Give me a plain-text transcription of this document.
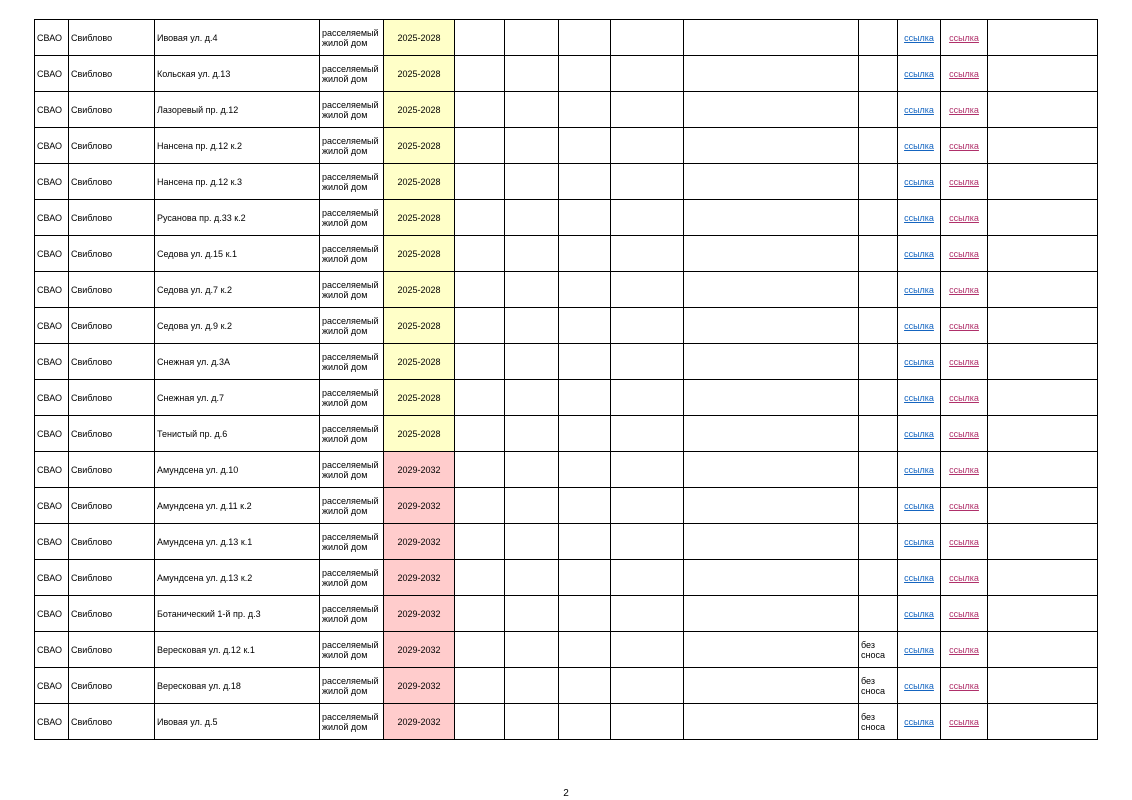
СВАО	Свиблово	Ивовая ул. д.4	расселяемый жилой дом	2025-2028							ссылка	ссылка	
СВАО	Свиблово	Кольская ул. д.13	расселяемый жилой дом	2025-2028							ссылка	ссылка	
СВАО	Свиблово	Лазоревый пр. д.12	расселяемый жилой дом	2025-2028							ссылка	ссылка	
СВАО	Свиблово	Нансена пр. д.12 к.2	расселяемый жилой дом	2025-2028							ссылка	ссылка	
СВАО	Свиблово	Нансена пр. д.12 к.3	расселяемый жилой дом	2025-2028							ссылка	ссылка	
СВАО	Свиблово	Русанова пр. д.33 к.2	расселяемый жилой дом	2025-2028							ссылка	ссылка	
СВАО	Свиблово	Седова ул. д.15 к.1	расселяемый жилой дом	2025-2028							ссылка	ссылка	
СВАО	Свиблово	Седова ул. д.7 к.2	расселяемый жилой дом	2025-2028							ссылка	ссылка	
СВАО	Свиблово	Седова ул. д.9 к.2	расселяемый жилой дом	2025-2028							ссылка	ссылка	
СВАО	Свиблово	Снежная ул. д.3А	расселяемый жилой дом	2025-2028							ссылка	ссылка	
СВАО	Свиблово	Снежная ул. д.7	расселяемый жилой дом	2025-2028							ссылка	ссылка	
СВАО	Свиблово	Тенистый пр. д.6	расселяемый жилой дом	2025-2028							ссылка	ссылка	
СВАО	Свиблово	Амундсена ул. д.10	расселяемый жилой дом	2029-2032							ссылка	ссылка	
СВАО	Свиблово	Амундсена ул. д.11 к.2	расселяемый жилой дом	2029-2032							ссылка	ссылка	
СВАО	Свиблово	Амундсена ул. д.13 к.1	расселяемый жилой дом	2029-2032							ссылка	ссылка	
СВАО	Свиблово	Амундсена ул. д.13 к.2	расселяемый жилой дом	2029-2032							ссылка	ссылка	
СВАО	Свиблово	Ботанический 1-й пр. д.3	расселяемый жилой дом	2029-2032							ссылка	ссылка	
СВАО	Свиблово	Вересковая ул. д.12 к.1	расселяемый жилой дом	2029-2032						без сноса	ссылка	ссылка	
СВАО	Свиблово	Вересковая ул. д.18	расселяемый жилой дом	2029-2032						без сноса	ссылка	ссылка	
СВАО	Свиблово	Ивовая ул. д.5	расселяемый жилой дом	2029-2032						без сноса	ссылка	ссылка	
2
